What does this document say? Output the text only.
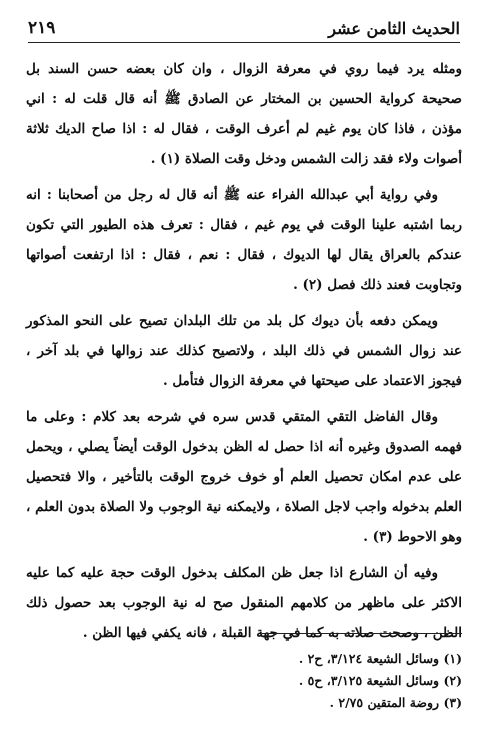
الحديث الثامن عشر
٢١٩

ومثله يرد فيما روي في معرفة الزوال ، وان كان بعضه حسن السند بل صحيحة كرواية الحسين بن المختار عن الصادق ﷺ أنه قال قلت له : اني مؤذن ، فاذا كان يوم غيم لم أعرف الوقت ، فقال له : اذا صاح الديك ثلاثة أصوات ولاء فقد زالت الشمس ودخل وقت الصلاة (١) .

وفي رواية أبي عبدالله الفراء عنه ﷺ أنه قال له رجل من أصحابنا : انه ربما اشتبه علينا الوقت في يوم غيم ، فقال : تعرف هذه الطيور التي تكون عندكم بالعراق يقال لها الديوك ، فقال : نعم ، فقال : اذا ارتفعت أصواتها وتجاوبت فعند ذلك فصل (٢) .

ويمكن دفعه بأن ديوك كل بلد من تلك البلدان تصيح على النحو المذكور عند زوال الشمس في ذلك البلد ، ولاتصيح كذلك عند زوالها في بلد آخر ، فيجوز الاعتماد على صيحتها في معرفة الزوال فتأمل .

وقال الفاضل التقي المتقي قدس سره في شرحه بعد كلام : وعلى ما فهمه الصدوق وغيره أنه اذا حصل له الظن بدخول الوقت أيضاً يصلي ، ويحمل على عدم امكان تحصيل العلم أو خوف خروج الوقت بالتأخير ، والا فتحصيل العلم بدخوله واجب لاجل الصلاة ، ولايمكنه نية الوجوب ولا الصلاة بدون العلم ، وهو الاحوط (٣) .

وفيه أن الشارع اذا جعل ظن المكلف بدخول الوقت حجة عليه كما عليه الاكثر على ماظهر من كلامهم المنقول صح له نية الوجوب بعد حصول ذلك الظن ، وصحت صلاته به كما في جهة القبلة ، فانه يكفي فيها الظن .

(١) وسائل الشيعة ٣/١٢٤، ح٢ .

(٢) وسائل الشيعة ٣/١٢٥، ح٥ .

(٣) روضة المتقين ٢/٧٥ .
